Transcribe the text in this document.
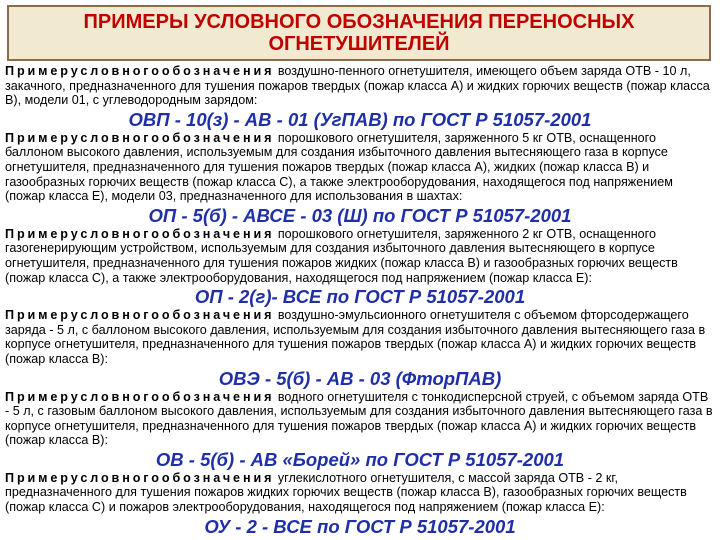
ПРИМЕРЫ УСЛОВНОГО ОБОЗНАЧЕНИЯ ПЕРЕНОСНЫХ ОГНЕТУШИТЕЛЕЙ

Примерусловногообозначения воздушно-пенного огнетушителя, имеющего объем заряда ОТВ - 10 л, закачного, предназначенного для тушения пожаров твердых (пожар класса А) и жидких горючих веществ (пожар класса В), модели 01, с углеводородным зарядом:

ОВП - 10(з) - АВ - 01 (УгПАВ) по ГОСТ Р 51057-2001

Примерусловногообозначения порошкового огнетушителя, заряженного 5 кг ОТВ, оснащенного баллоном высокого давления, используемым для создания избыточного давления вытесняющего газа в корпусе огнетушителя, предназначенного для тушения пожаров твердых (пожар класса А), жидких (пожар класса В) и газообразных горючих веществ (пожар класса С), а также электрооборудования, находящегося под напряжением (пожар класса Е), модели 03, предназначенного для использования в шахтах:

ОП - 5(б) - АВСЕ - 03 (Ш) по ГОСТ Р 51057-2001

Примерусловногообозначения порошкового огнетушителя, заряженного 2 кг ОТВ, оснащенного газогенерирующим устройством, используемым для создания избыточного давления вытесняющего в корпусе огнетушителя, предназначенного для тушения пожаров жидких (пожар класса В) и газообразных горючих веществ (пожар класса С), а также электрооборудования, находящегося под напряжением (пожар класса Е):

ОП - 2(г)- ВСЕ по ГОСТ Р 51057-2001

Примерусловногообозначения воздушно-эмульсионного огнетушителя с объемом фторсодержащего заряда - 5 л, с баллоном высокого давления, используемым для создания избыточного давления вытесняющего газа в корпусе огнетушителя, предназначенного для тушения пожаров твердых (пожар класса А) и жидких горючих веществ (пожар класса В):

ОВЭ - 5(б) - АВ - 03 (ФторПАВ)

Примерусловногообозначения водного огнетушителя с тонкодисперсной струей, с объемом заряда ОТВ - 5 л, с газовым баллоном высокого давления, используемым для создания избыточного давления вытесняющего газа в корпусе огнетушителя, предназначенного для тушения пожаров твердых (пожар класса А) и жидких горючих веществ (пожар класса В):

ОВ - 5(б) - АВ «Борей» по ГОСТ Р 51057-2001

Примерусловногообозначения углекислотного огнетушителя, с массой заряда ОТВ - 2 кг, предназначенного для тушения пожаров жидких горючих веществ (пожар класса В), газообразных горючих веществ (пожар класса С) и пожаров электрооборудования, находящегося под напряжением (пожар класса Е):

ОУ - 2 - ВСЕ по ГОСТ Р 51057-2001
